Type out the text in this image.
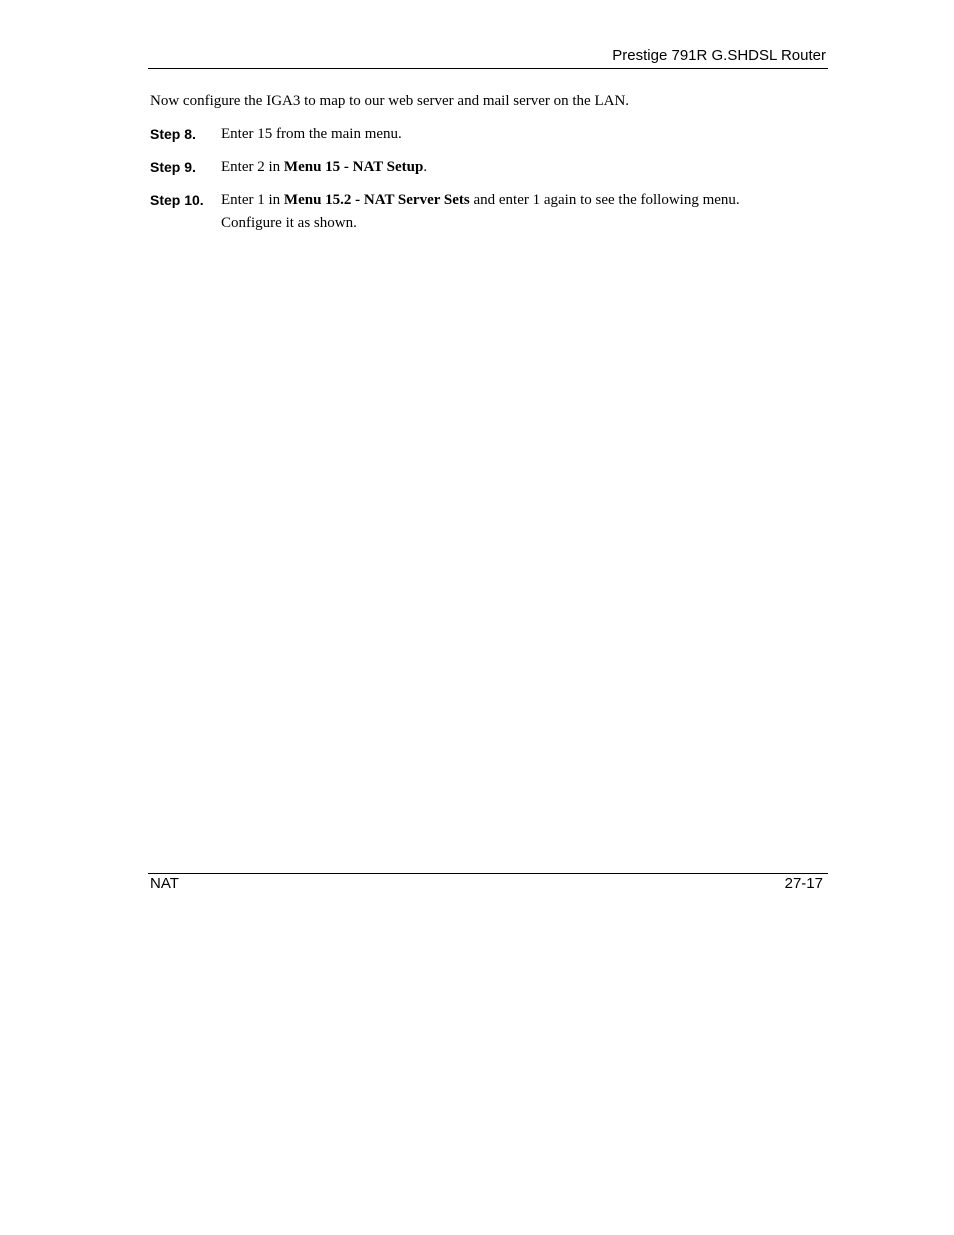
Prestige 791R G.SHDSL Router

Now configure the IGA3 to map to our web server and mail server on the LAN.

Step 8.	Enter 15 from the main menu.
Step 9.	Enter 2 in Menu 15 - NAT Setup.
Step 10.	Enter 1 in Menu 15.2 - NAT Server Sets and enter 1 again to see the following menu. Configure it as shown.
NAT	27-17
